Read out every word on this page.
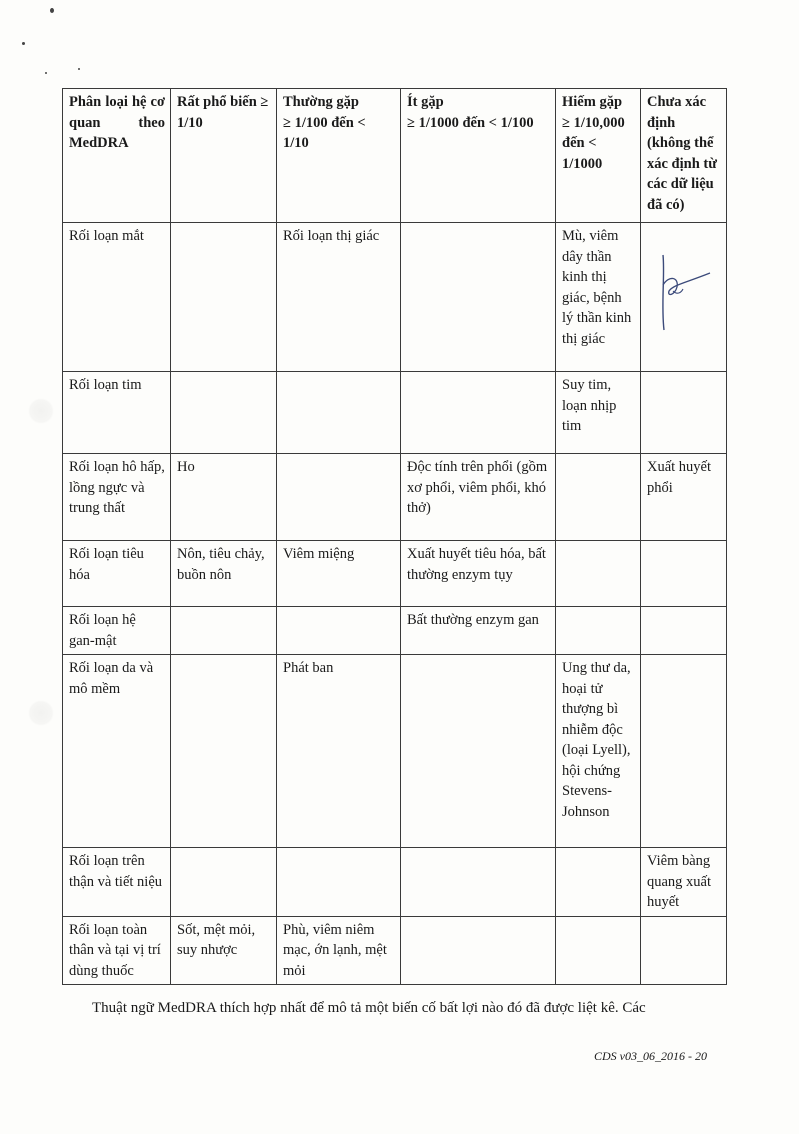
Phân loại hệ cơ quan theo MedDRA	Rất phổ biến ≥ 1/10	Thường gặp
≥ 1/100 đến < 1/10	Ít gặp
≥ 1/1000 đến < 1/100	Hiếm gặp
≥ 1/10,000 đến < 1/1000	Chưa xác định (không thể xác định từ các dữ liệu đã có)
Rối loạn mắt		Rối loạn thị giác		Mù, viêm dây thần kinh thị giác, bệnh lý thần kinh thị giác	
Rối loạn tim				Suy tim, loạn nhịp tim	
Rối loạn hô hấp, lồng ngực và trung thất	Ho		Độc tính trên phổi (gồm xơ phổi, viêm phổi, khó thở)		Xuất huyết phổi
Rối loạn tiêu hóa	Nôn, tiêu chảy, buồn nôn	Viêm miệng	Xuất huyết tiêu hóa, bất thường enzym tụy		
Rối loạn hệ gan-mật			Bất thường enzym gan		
Rối loạn da và mô mềm		Phát ban		Ung thư da, hoại tử thượng bì nhiễm độc (loại Lyell), hội chứng Stevens-Johnson	
Rối loạn trên thận và tiết niệu					Viêm bàng quang xuất huyết
Rối loạn toàn thân và tại vị trí dùng thuốc	Sốt, mệt mỏi, suy nhược	Phù, viêm niêm mạc, ớn lạnh, mệt mỏi			
Thuật ngữ MedDRA thích hợp nhất để mô tả một biến cố bất lợi nào đó đã được liệt kê. Các
CDS v03_06_2016 - 20
